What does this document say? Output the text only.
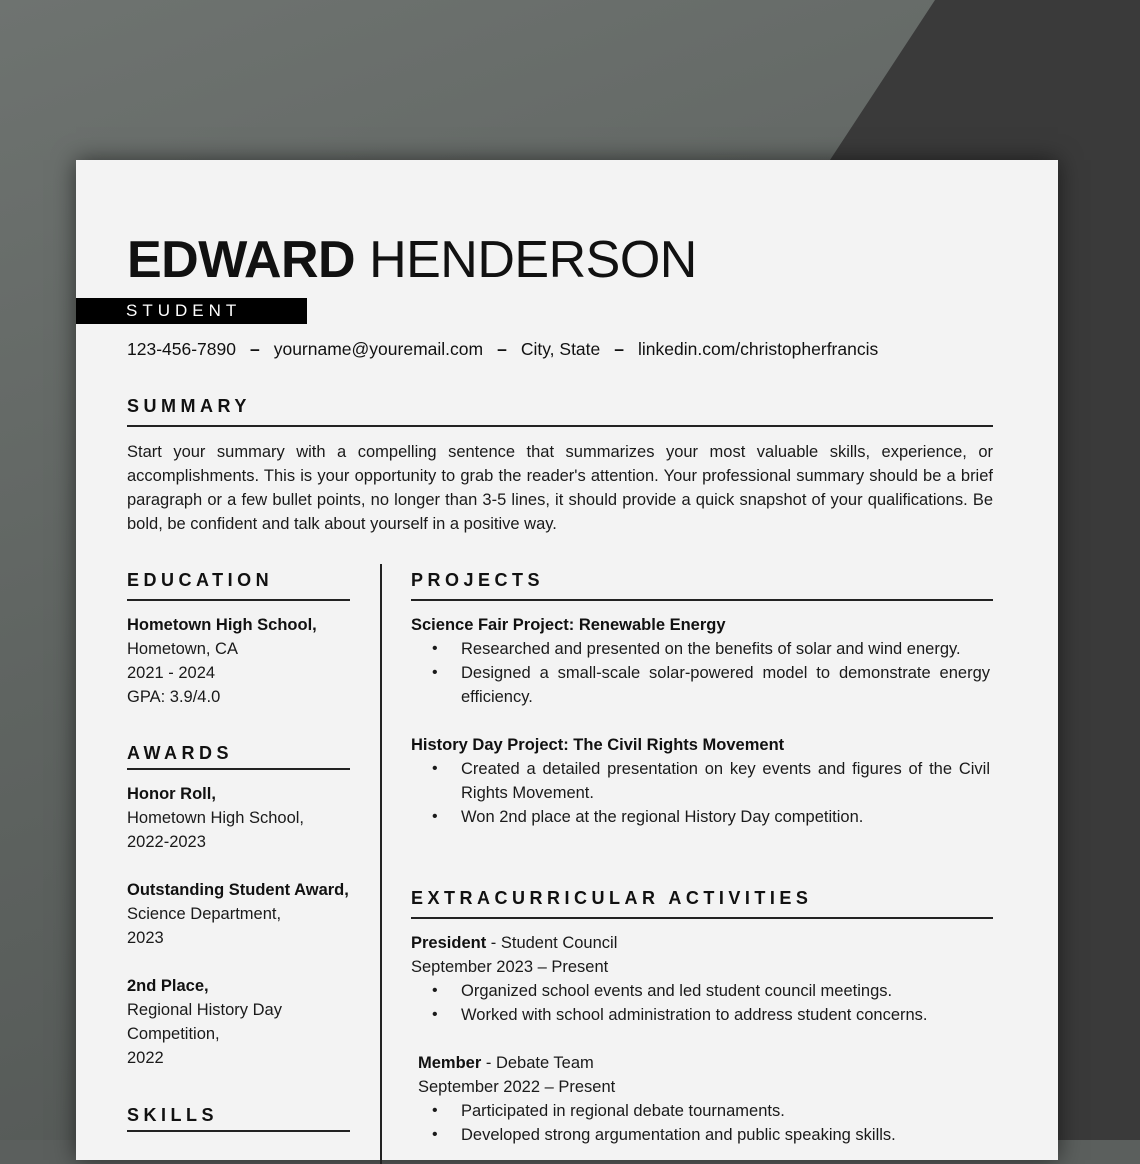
EDWARD HENDERSON
STUDENT
123-456-7890 – yourname@youremail.com – City, State – linkedin.com/christopherfrancis
SUMMARY
Start your summary with a compelling sentence that summarizes your most valuable skills, experience, or accomplishments. This is your opportunity to grab the reader's attention. Your professional summary should be a brief paragraph or a few bullet points, no longer than 3-5 lines, it should provide a quick snapshot of your qualifications. Be bold, be confident and talk about yourself in a positive way.
EDUCATION
Hometown High School,
Hometown, CA
2021 - 2024
GPA: 3.9/4.0
AWARDS
Honor Roll,
Hometown High School,
2022-2023
Outstanding Student Award,
Science Department,
2023
2nd Place,
Regional History Day
Competition,
2022
SKILLS
PROJECTS
Science Fair Project: Renewable Energy
• Researched and presented on the benefits of solar and wind energy.
• Designed a small-scale solar-powered model to demonstrate energy efficiency.
History Day Project: The Civil Rights Movement
• Created a detailed presentation on key events and figures of the Civil Rights Movement.
• Won 2nd place at the regional History Day competition.
EXTRACURRICULAR ACTIVITIES
President - Student Council
September 2023 – Present
• Organized school events and led student council meetings.
• Worked with school administration to address student concerns.
Member - Debate Team
September 2022 – Present
• Participated in regional debate tournaments.
• Developed strong argumentation and public speaking skills.
